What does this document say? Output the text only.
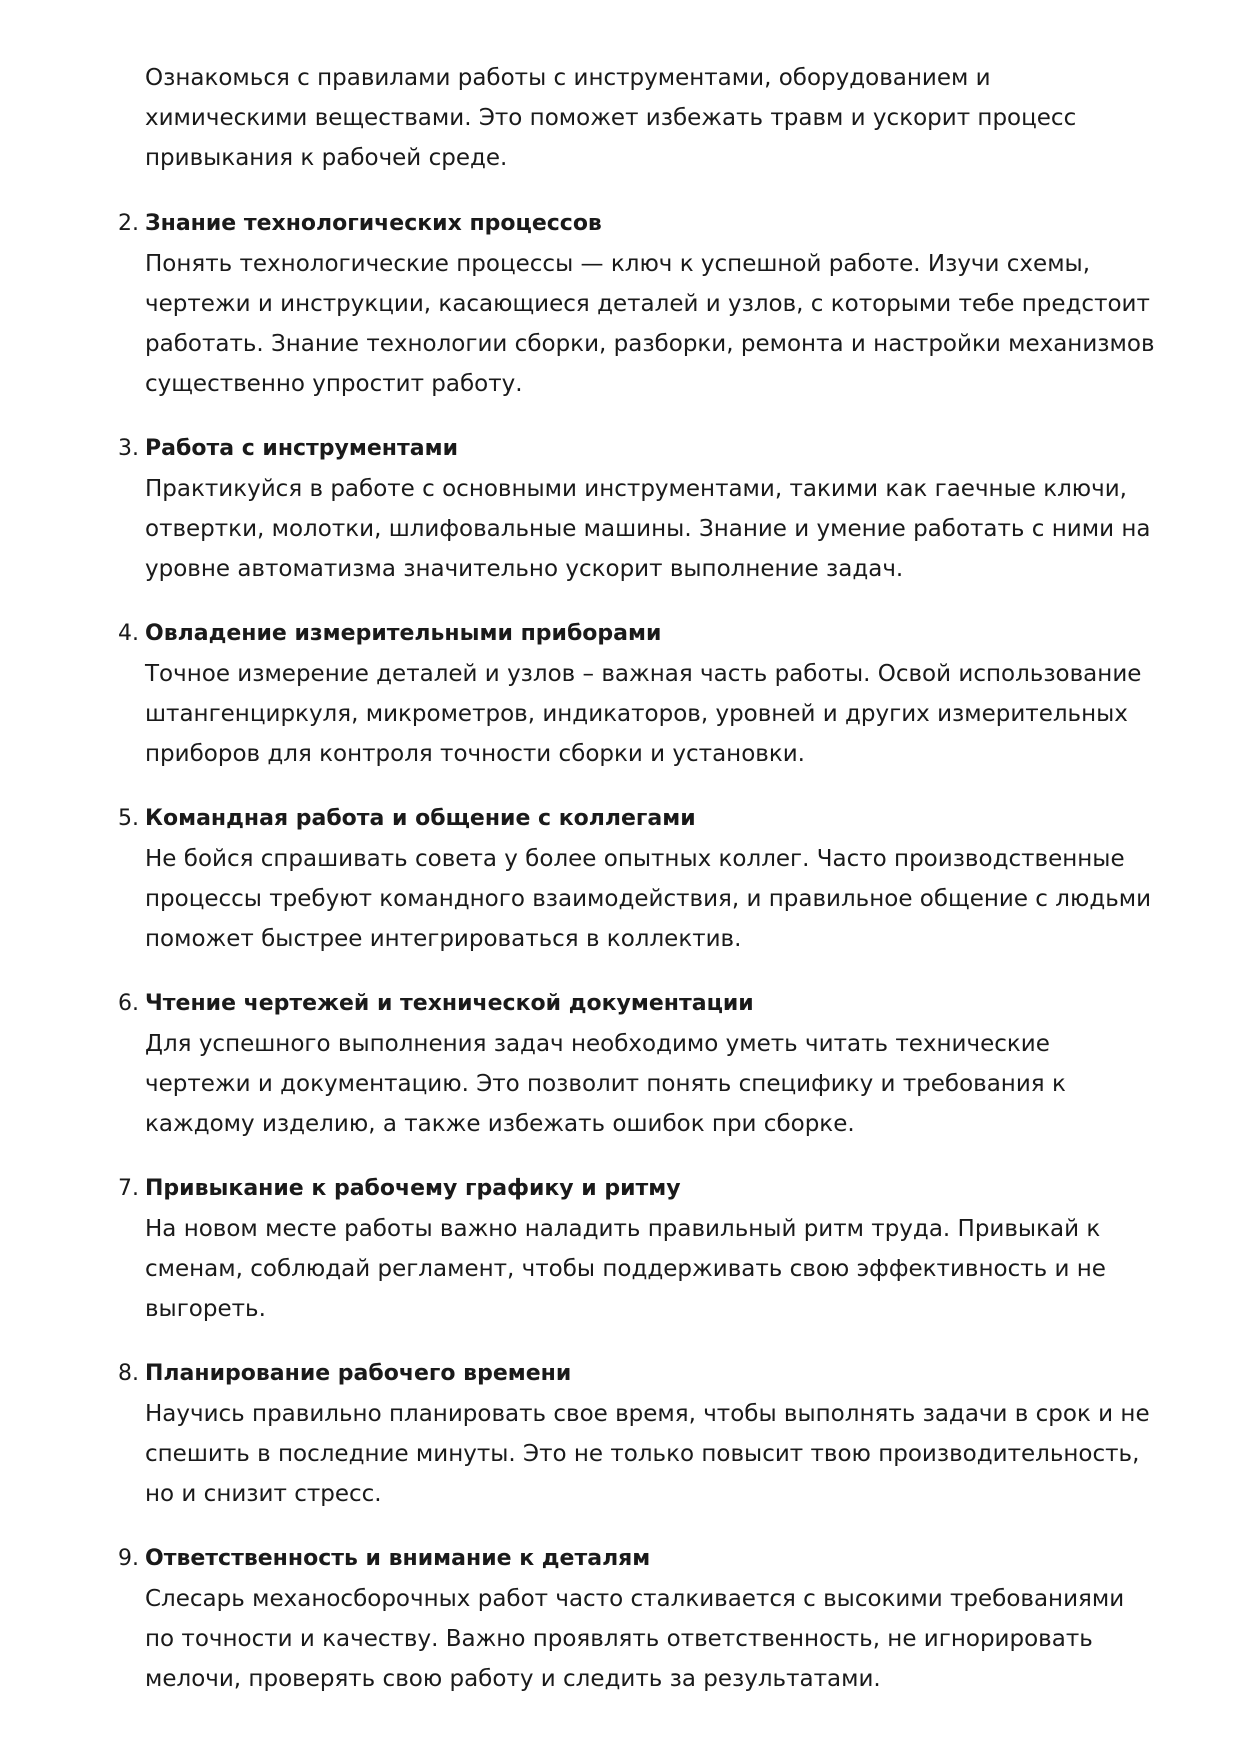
Ознакомься с правилами работы с инструментами, оборудованием и химическими веществами. Это поможет избежать травм и ускорит процесс привыкания к рабочей среде.

2. Знание технологических процессов

Понять технологические процессы — ключ к успешной работе. Изучи схемы, чертежи и инструкции, касающиеся деталей и узлов, с которыми тебе предстоит работать. Знание технологии сборки, разборки, ремонта и настройки механизмов существенно упростит работу.

3. Работа с инструментами

Практикуйся в работе с основными инструментами, такими как гаечные ключи, отвертки, молотки, шлифовальные машины. Знание и умение работать с ними на уровне автоматизма значительно ускорит выполнение задач.

4. Овладение измерительными приборами

Точное измерение деталей и узлов – важная часть работы. Освой использование штангенциркуля, микрометров, индикаторов, уровней и других измерительных приборов для контроля точности сборки и установки.

5. Командная работа и общение с коллегами

Не бойся спрашивать совета у более опытных коллег. Часто производственные процессы требуют командного взаимодействия, и правильное общение с людьми поможет быстрее интегрироваться в коллектив.

6. Чтение чертежей и технической документации

Для успешного выполнения задач необходимо уметь читать технические чертежи и документацию. Это позволит понять специфику и требования к каждому изделию, а также избежать ошибок при сборке.

7. Привыкание к рабочему графику и ритму

На новом месте работы важно наладить правильный ритм труда. Привыкай к сменам, соблюдай регламент, чтобы поддерживать свою эффективность и не выгореть.

8. Планирование рабочего времени

Научись правильно планировать свое время, чтобы выполнять задачи в срок и не спешить в последние минуты. Это не только повысит твою производительность, но и снизит стресс.

9. Ответственность и внимание к деталям

Слесарь механосборочных работ часто сталкивается с высокими требованиями по точности и качеству. Важно проявлять ответственность, не игнорировать мелочи, проверять свою работу и следить за результатами.
